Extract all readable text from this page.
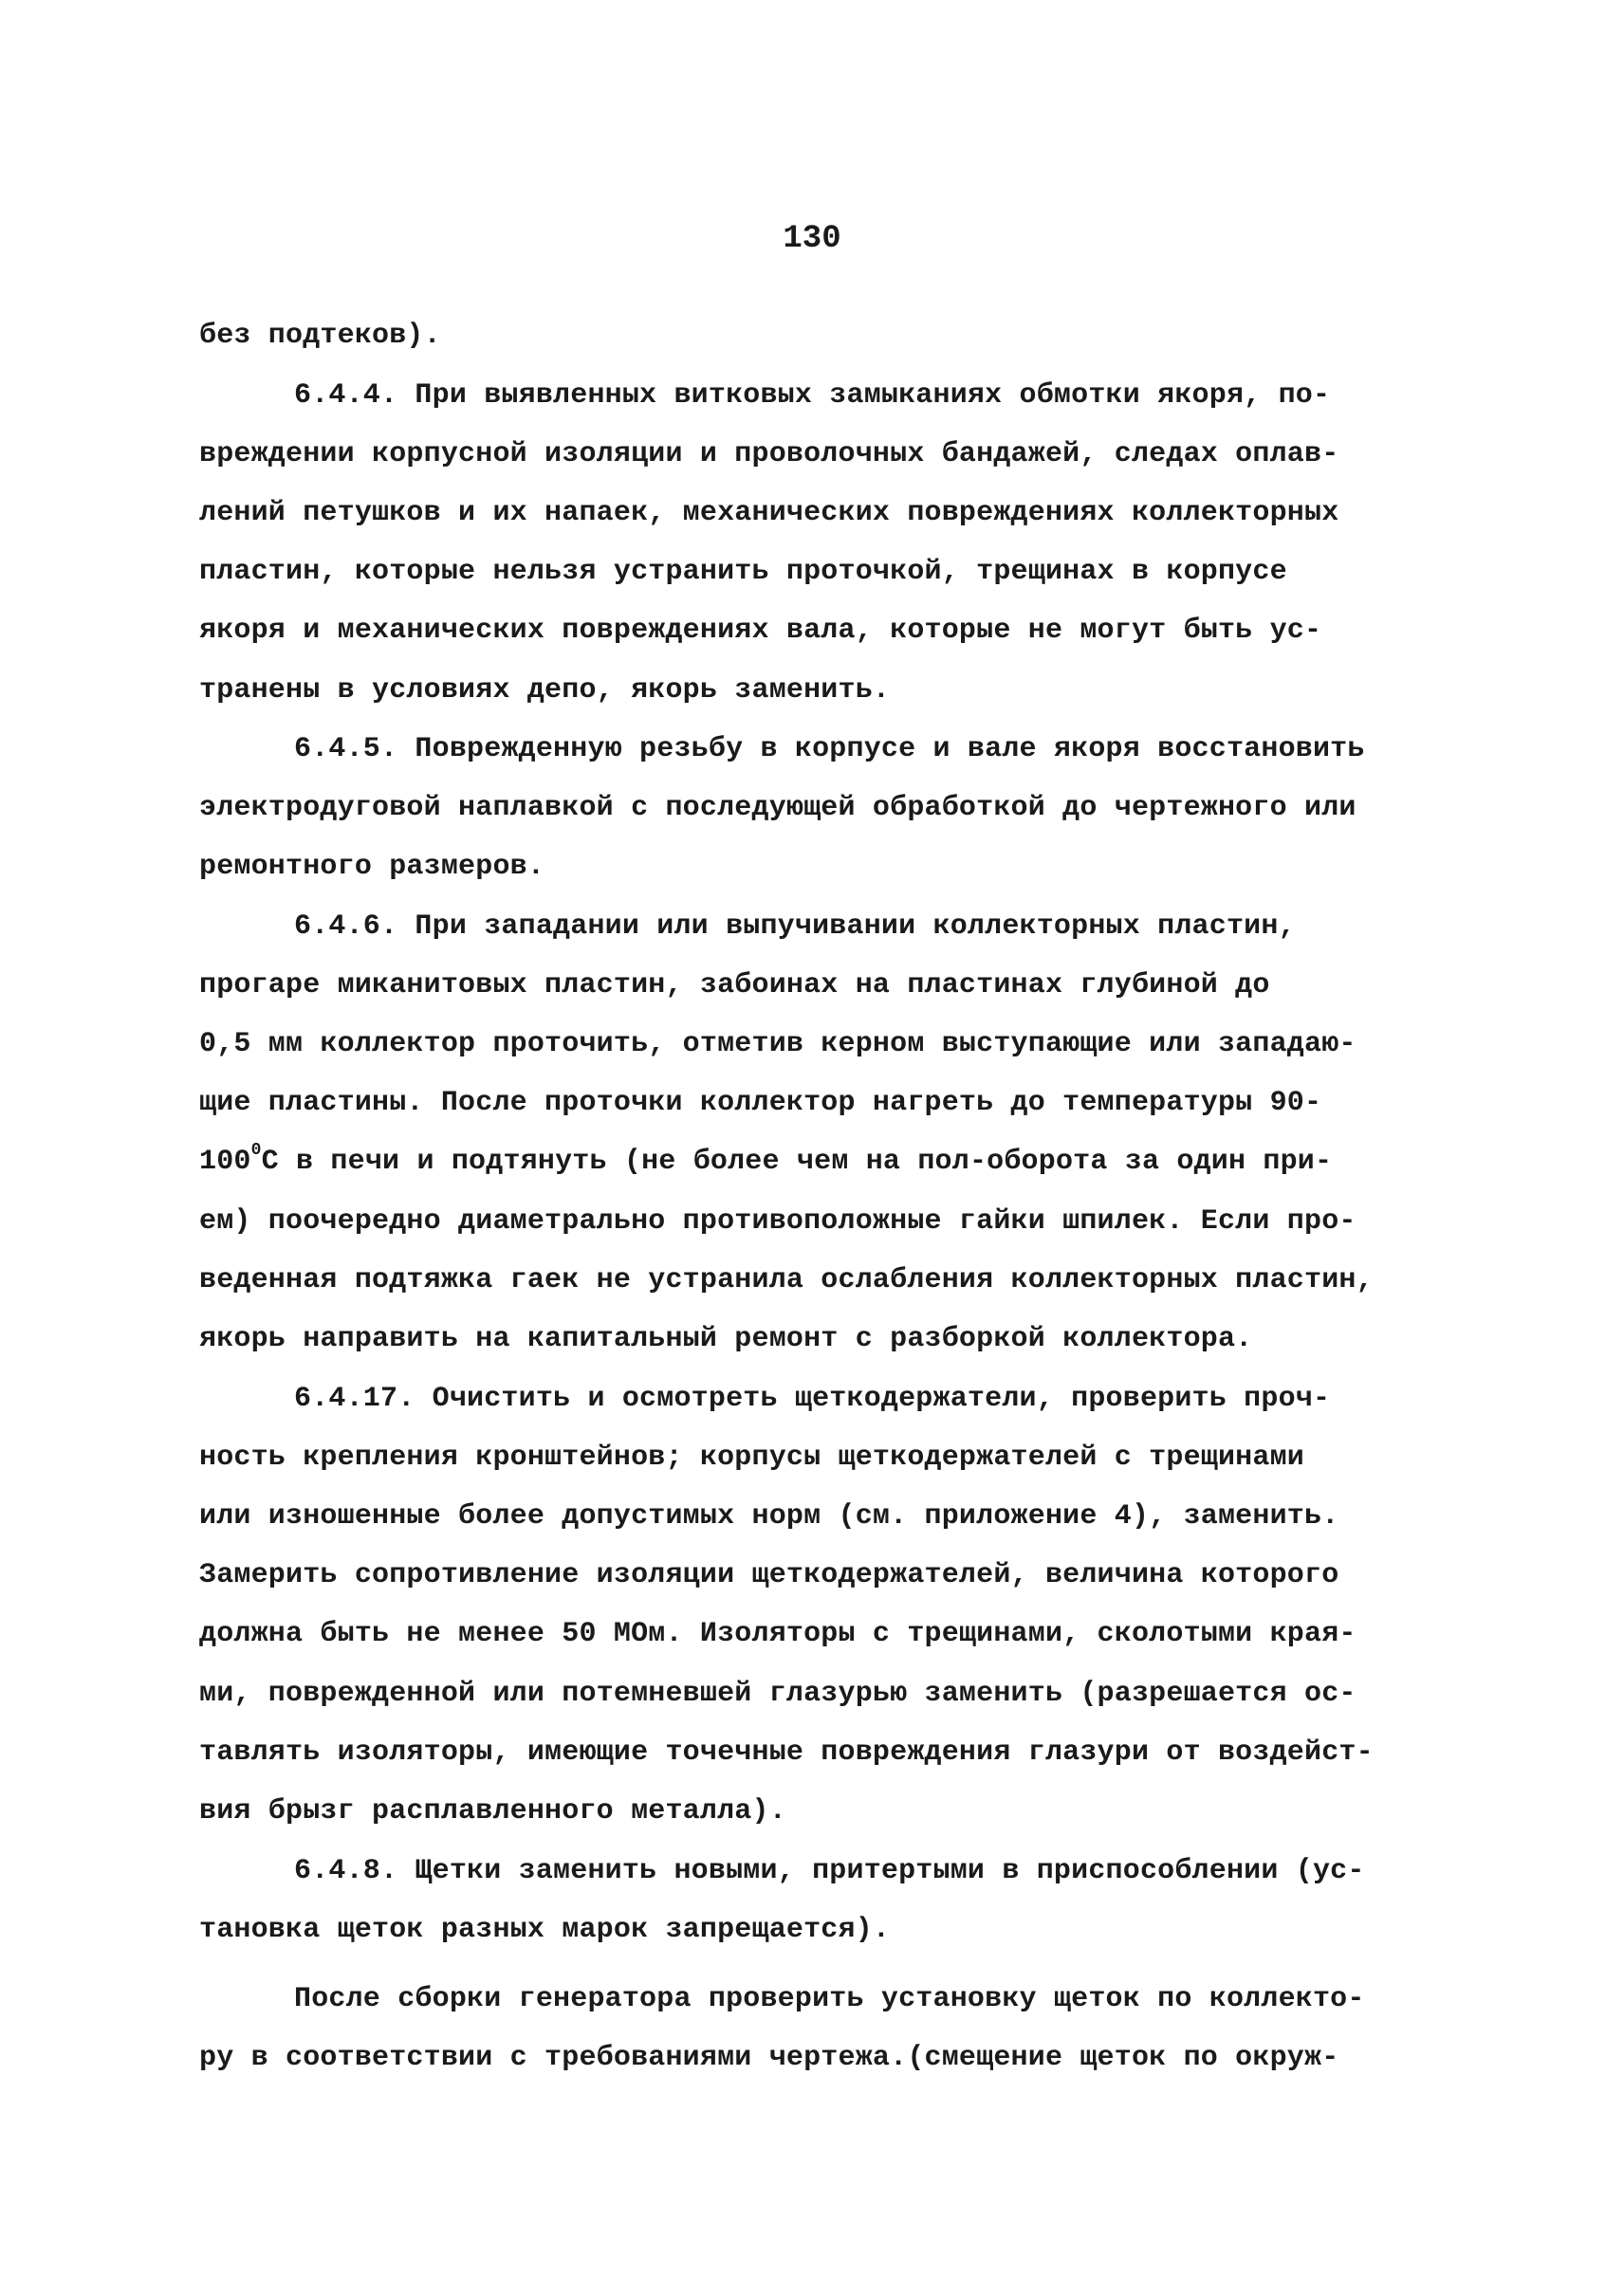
130
без подтеков).
6.4.4. При выявленных витковых замыканиях обмотки якоря, по-
вреждении корпусной изоляции и проволочных бандажей, следах оплав-
лений петушков и их напаек, механических повреждениях коллекторных
пластин, которые нельзя устранить проточкой, трещинах в корпусе
якоря и механических повреждениях вала, которые не могут быть ус-
транены в условиях депо, якорь заменить.
6.4.5. Поврежденную резьбу в корпусе и вале якоря восстановить
электродуговой наплавкой с последующей обработкой до чертежного или
ремонтного размеров.
6.4.6. При западании или выпучивании коллекторных пластин,
прогаре миканитовых пластин, забоинах на пластинах глубиной до
0,5 мм коллектор проточить, отметив керном выступающие или западаю-
щие пластины. После проточки коллектор нагреть до температуры 90-
$100^0C$ в печи и подтянуть (не более чем на пол-оборота за один при-
ем) поочередно диаметрально противоположные гайки шпилек. Если про-
веденная подтяжка гаек не устранила ослабления коллекторных пластин,
якорь направить на капитальный ремонт с разборкой коллектора.
6.4.17. Очистить и осмотреть щеткодержатели, проверить проч-
ность крепления кронштейнов; корпусы щеткодержателей с трещинами
или изношенные более допустимых норм (см. приложение 4), заменить.
Замерить сопротивление изоляции щеткодержателей, величина которого
должна быть не менее 50 МОм. Изоляторы с трещинами, сколотыми края-
ми, поврежденной или потемневшей глазурью заменить (разрешается ос-
тавлять изоляторы, имеющие точечные повреждения глазури от воздейст-
вия брызг расплавленного металла).
6.4.8. Щетки заменить новыми, притертыми в приспособлении (ус-
тановка щеток разных марок запрещается).
После сборки генератора проверить установку щеток по коллекто-
ру в соответствии с требованиями чертежа.(смещение щеток по окруж-
